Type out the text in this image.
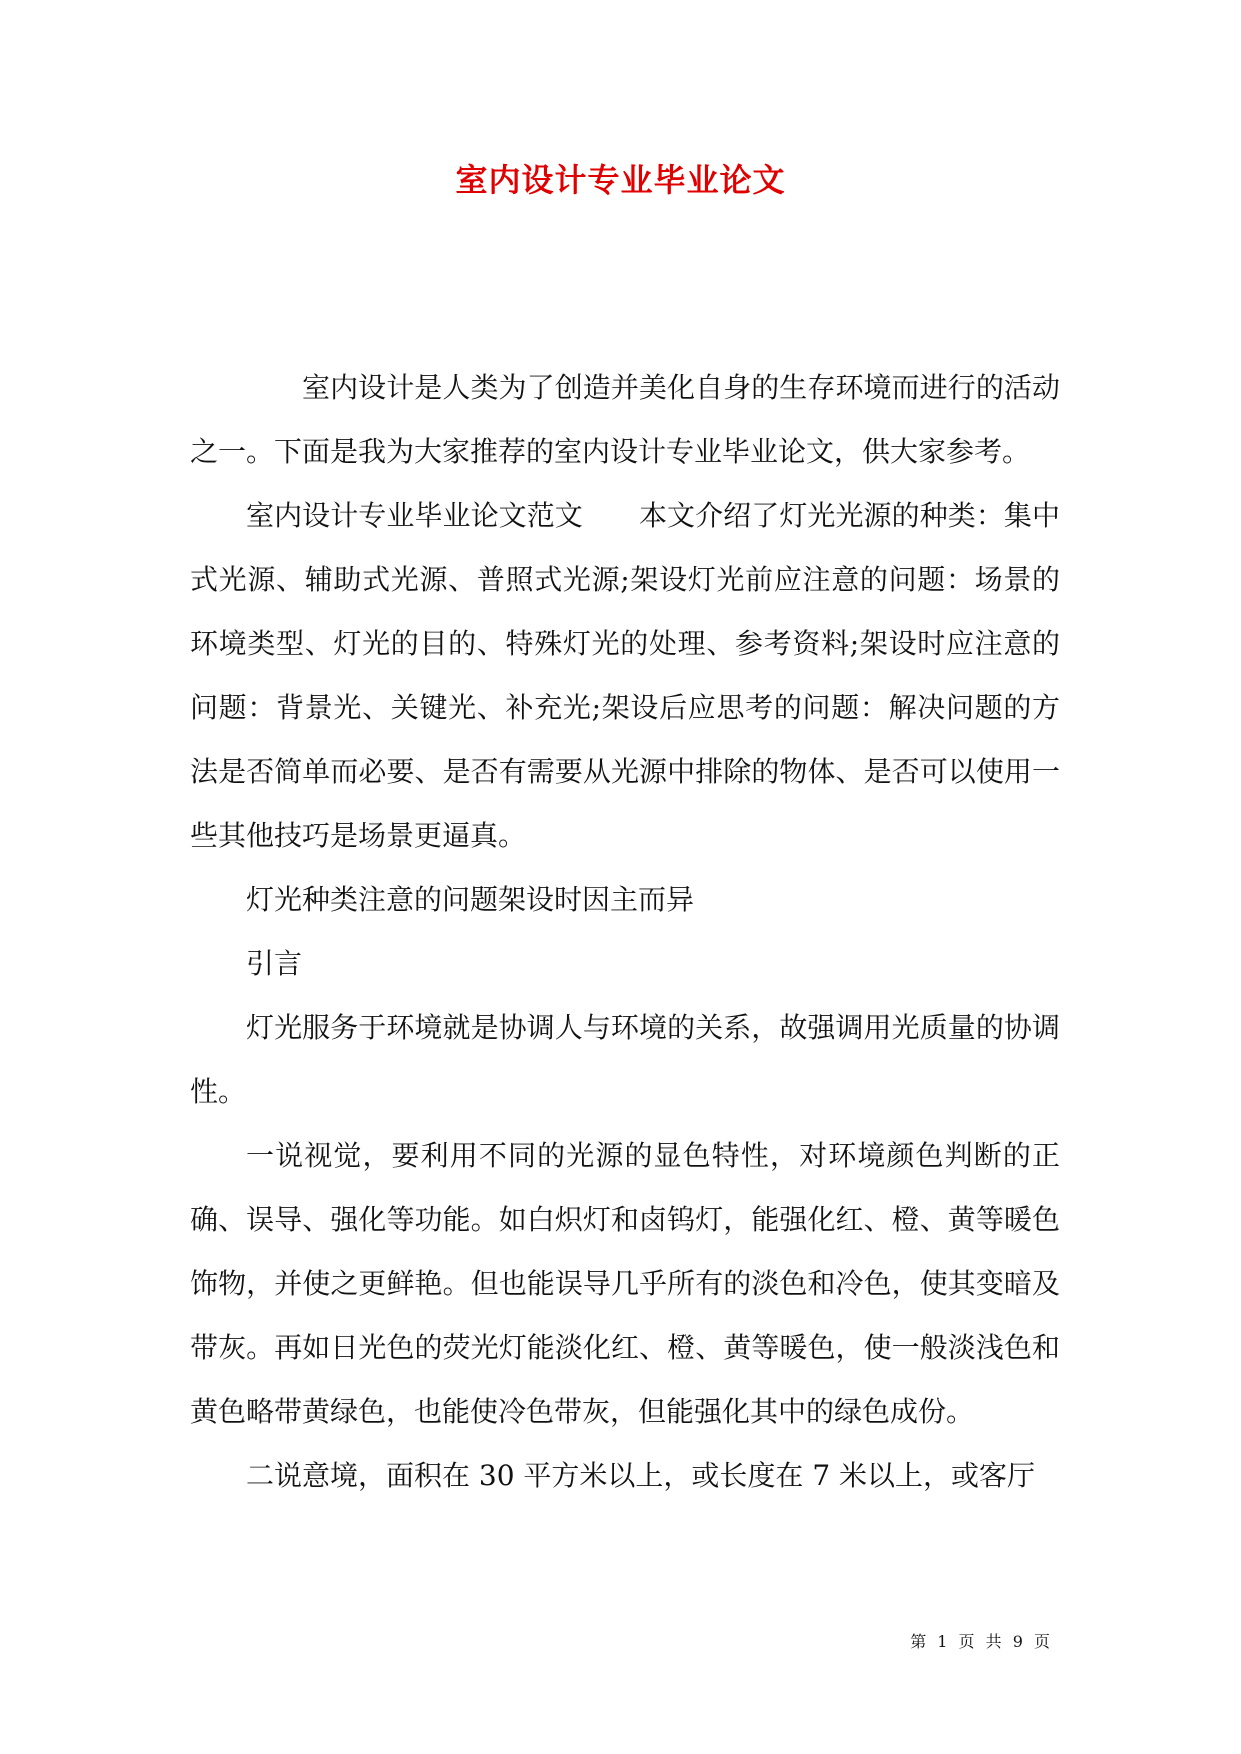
室内设计专业毕业论文

室内设计是人类为了创造并美化自身的生存环境而进行的活动之一。下面是我为大家推荐的室内设计专业毕业论文，供大家参考。

室内设计专业毕业论文范文 本文介绍了灯光光源的种类：集中式光源、辅助式光源、普照式光源;架设灯光前应注意的问题：场景的环境类型、灯光的目的、特殊灯光的处理、参考资料;架设时应注意的问题：背景光、关键光、补充光;架设后应思考的问题：解决问题的方法是否简单而必要、是否有需要从光源中排除的物体、是否可以使用一些其他技巧是场景更逼真。

灯光种类注意的问题架设时因主而异

引言

灯光服务于环境就是协调人与环境的关系，故强调用光质量的协调性。

一说视觉，要利用不同的光源的显色特性，对环境颜色判断的正确、误导、强化等功能。如白炽灯和卤钨灯，能强化红、橙、黄等暖色饰物，并使之更鲜艳。但也能误导几乎所有的淡色和冷色，使其变暗及带灰。再如日光色的荧光灯能淡化红、橙、黄等暖色，使一般淡浅色和黄色略带黄绿色，也能使冷色带灰，但能强化其中的绿色成份。

二说意境，面积在 30 平方米以上，或长度在 7 米以上，或客厅

第 1 页 共 9 页
